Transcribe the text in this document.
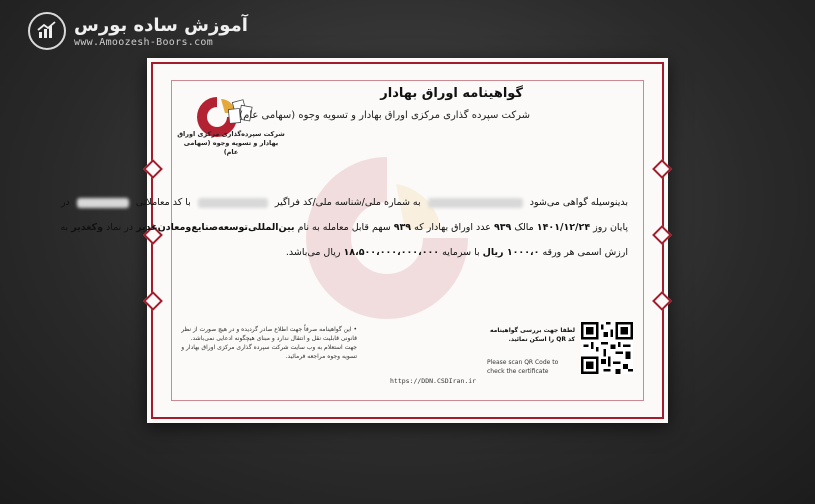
آموزش ساده بورس
www.Amoozesh-Boors.com
شرکت سپرده‌گذاری مرکزی اوراق بهادار و تسویه وجوه (سهامی عام)
گواهینامه اوراق بهادار
شرکت سپرده گذاری مرکزی اوراق بهادار و تسویه وجوه (سهامی عام)
بدینوسیله گواهی می‌شود  به شماره ملی/شناسه ملی/کد فراگیر  با کد معاملاتی  در
پایان روز ۱۴۰۱/۱۲/۲۴ مالک ۹۳۹ عدد اوراق بهادار که ۹۳۹ سهم قابل معامله به نام بین‌المللی‌توسعه‌صنایع‌ومعادن‌غدیر در نماد وکغدیر به
ارزش اسمی هر ورقه ۱۰۰۰،۰ ریال با سرمایه ۱۸،۵۰۰،۰۰۰،۰۰۰،۰۰۰ ریال می‌باشد.
• این گواهینامه صرفاً جهت اطلاع صادر گردیده و در هیچ صورت از نظر قانونی قابلیت نقل و انتقال ندارد و مبنای هیچگونه ادعایی نمی‌باشد. جهت استعلام به وب سایت شرکت سپرده گذاری مرکزی اوراق بهادار و تسویه وجوه مراجعه فرمائید.
https://DDN.CSDIran.ir
لطفا جهت بررسی گواهینامه کد QR را اسکن نمائید.
Please scan QR Code to check the certificate
